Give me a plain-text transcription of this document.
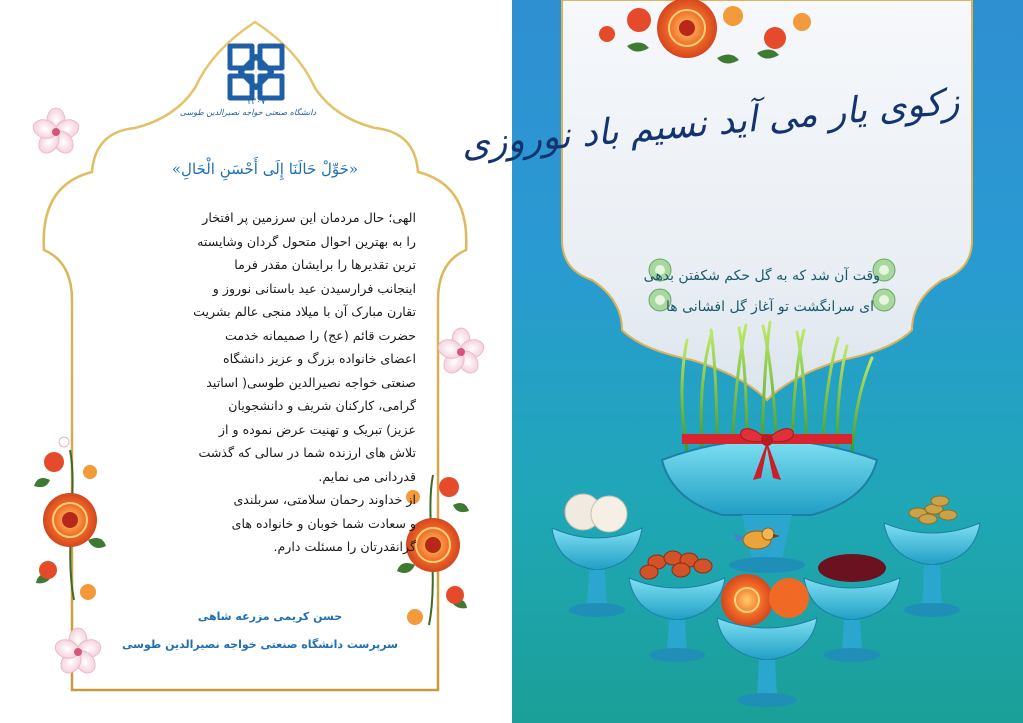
۱۳۰۷
دانشگاه صنعتی خواجه نصیرالدین طوسی
«حَوِّلْ حَالَنَا إِلَى أَحْسَنِ الْحَالِ»
الهی؛ حال مردمان این سرزمین پر افتخار
را به بهترین احوال متحول گردان وشایسته
ترین تقدیرها را برایشان مقدر فرما
اینجانب فرارسیدن عید باستانی نوروز و
تقارن مبارک آن با میلاد منجی عالم بشریت
حضرت قائم (عج) را صمیمانه خدمت
اعضای خانواده بزرگ و عزیز دانشگاه
صنعتی خواجه نصیرالدین طوسی( اساتید
گرامی، کارکنان شریف و دانشجویان
عزیز) تبریک و تهنیت عرض نموده و از
تلاش های ارزنده شما در سالی که گذشت
قدردانی می نمایم.
از خداوند رحمان سلامتی، سربلندی
و سعادت شما خوبان و خانواده های
گرانقدرتان را مسئلت دارم.
حسن کریمی مزرعه شاهی
سرپرست دانشگاه صنعتی خواجه نصیرالدین طوسی
زکوی یار می آید نسیم باد نوروزی
وقت آن شد که به گل حکم شکفتن بدهی
ای سرانگشت تو آغاز گل افشانی ها
